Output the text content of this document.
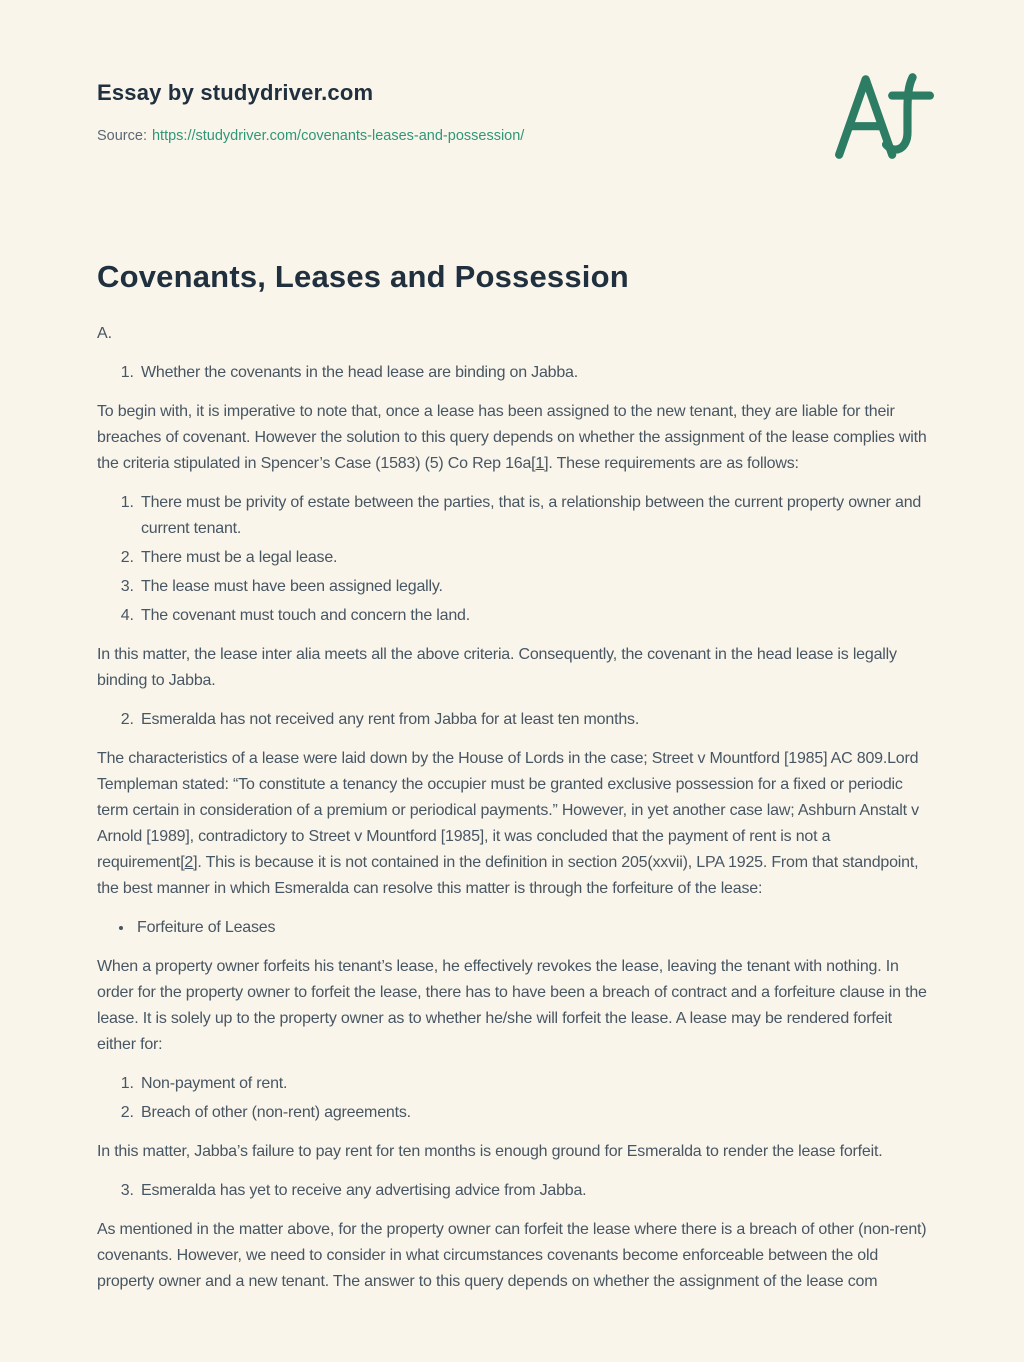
Essay by studydriver.com
Source: https://studydriver.com/covenants-leases-and-possession/
Covenants, Leases and Possession
A.
1. Whether the covenants in the head lease are binding on Jabba.

To begin with, it is imperative to note that, once a lease has been assigned to the new tenant, they are liable for their breaches of covenant. However the solution to this query depends on whether the assignment of the lease complies with the criteria stipulated in Spencer’s Case (1583) (5) Co Rep 16a[1]. These requirements are as follows:

1. There must be privity of estate between the parties, that is, a relationship between the current property owner and current tenant.
2. There must be a legal lease.
3. The lease must have been assigned legally.
4. The covenant must touch and concern the land.

In this matter, the lease inter alia meets all the above criteria. Consequently, the covenant in the head lease is legally binding to Jabba.

2. Esmeralda has not received any rent from Jabba for at least ten months.

The characteristics of a lease were laid down by the House of Lords in the case; Street v Mountford [1985] AC 809.Lord Templeman stated: “To constitute a tenancy the occupier must be granted exclusive possession for a fixed or periodic term certain in consideration of a premium or periodical payments.” However, in yet another case law; Ashburn Anstalt v Arnold [1989], contradictory to Street v Mountford [1985], it was concluded that the payment of rent is not a requirement[2]. This is because it is not contained in the definition in section 205(xxvii), LPA 1925. From that standpoint, the best manner in which Esmeralda can resolve this matter is through the forfeiture of the lease:

• Forfeiture of Leases

When a property owner forfeits his tenant’s lease, he effectively revokes the lease, leaving the tenant with nothing. In order for the property owner to forfeit the lease, there has to have been a breach of contract and a forfeiture clause in the lease. It is solely up to the property owner as to whether he/she will forfeit the lease. A lease may be rendered forfeit either for:

1. Non-payment of rent.
2. Breach of other (non-rent) agreements.

In this matter, Jabba’s failure to pay rent for ten months is enough ground for Esmeralda to render the lease forfeit.

3. Esmeralda has yet to receive any advertising advice from Jabba.

As mentioned in the matter above, for the property owner can forfeit the lease where there is a breach of other (non-rent) covenants. However, we need to consider in what circumstances covenants become enforceable between the old property owner and a new tenant. The answer to this query depends on whether the assignment of the lease com
